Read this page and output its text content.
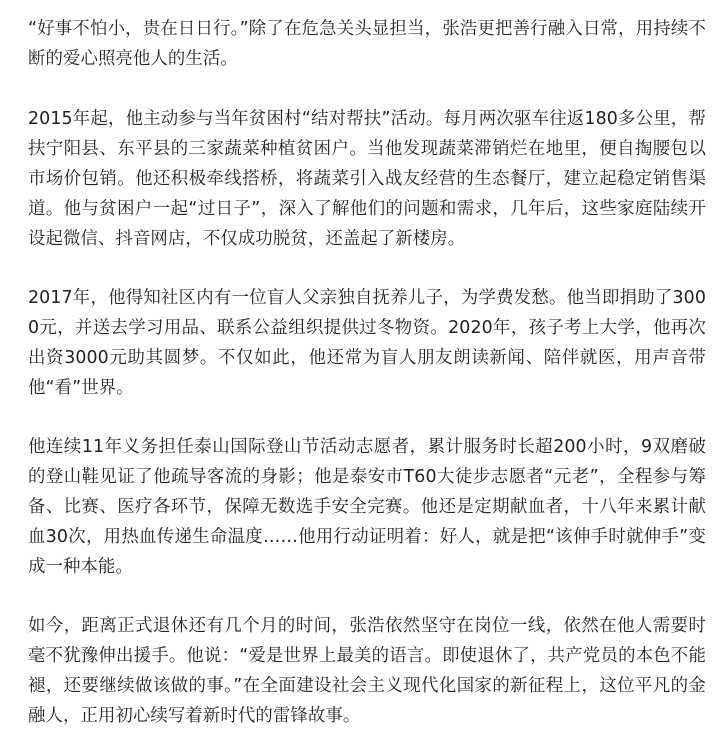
“好事不怕小，贵在日日行。”除了在危急关头显担当，张浩更把善行融入日常，用持续不断的爱心照亮他人的生活。

2015年起，他主动参与当年贫困村“结对帮扶”活动。每月两次驱车往返180多公里，帮扶宁阳县、东平县的三家蔬菜种植贫困户。当他发现蔬菜滞销烂在地里，便自掏腰包以市场价包销。他还积极牵线搭桥，将蔬菜引入战友经营的生态餐厅，建立起稳定销售渠道。他与贫困户一起“过日子”，深入了解他们的问题和需求，几年后，这些家庭陆续开设起微信、抖音网店，不仅成功脱贫，还盖起了新楼房。

2017年，他得知社区内有一位盲人父亲独自抚养儿子，为学费发愁。他当即捐助了3000元，并送去学习用品、联系公益组织提供过冬物资。2020年，孩子考上大学，他再次出资3000元助其圆梦。不仅如此，他还常为盲人朋友朗读新闻、陪伴就医，用声音带他“看”世界。

他连续11年义务担任泰山国际登山节活动志愿者，累计服务时长超200小时，9双磨破的登山鞋见证了他疏导客流的身影；他是泰安市T60大徒步志愿者“元老”，全程参与筹备、比赛、医疗各环节，保障无数选手安全完赛。他还是定期献血者，十八年来累计献血30次，用热血传递生命温度……他用行动证明着：好人，就是把“该伸手时就伸手”变成一种本能。

如今，距离正式退休还有几个月的时间，张浩依然坚守在岗位一线，依然在他人需要时毫不犹豫伸出援手。他说：“爱是世界上最美的语言。即使退休了，共产党员的本色不能褪，还要继续做该做的事。”在全面建设社会主义现代化国家的新征程上，这位平凡的金融人，正用初心续写着新时代的雷锋故事。
